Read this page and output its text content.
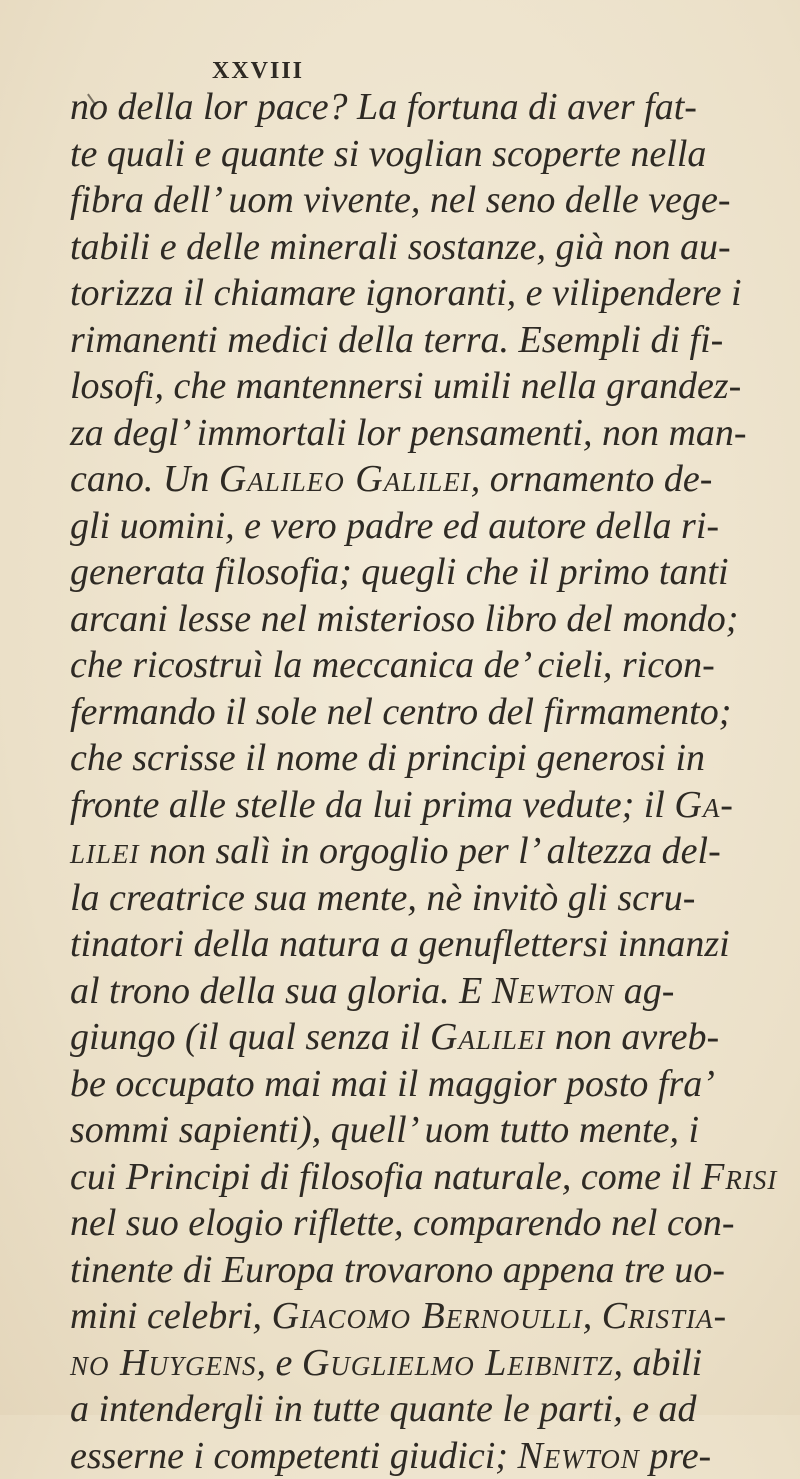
XXVIII
no della lor pace? La fortuna di aver fat-
te quali e quante si voglian scoperte nella
fibra dell’ uom vivente, nel seno delle vege-
tabili e delle minerali sostanze, già non au-
torizza il chiamare ignoranti, e vilipendere i
rimanenti medici della terra. Esempli di fi-
losofi, che mantennersi umili nella grandez-
za degl’ immortali lor pensamenti, non man-
cano. Un Galileo Galilei, ornamento de-
gli uomini, e vero padre ed autore della ri-
generata filosofia; quegli che il primo tanti
arcani lesse nel misterioso libro del mondo;
che ricostruì la meccanica de’ cieli, ricon-
fermando il sole nel centro del firmamento;
che scrisse il nome di principi generosi in
fronte alle stelle da lui prima vedute; il Ga-
lilei non salì in orgoglio per l’ altezza del-
la creatrice sua mente, nè invitò gli scru-
tinatori della natura a genuflettersi innanzi
al trono della sua gloria. E Newton ag-
giungo (il qual senza il Galilei non avreb-
be occupato mai mai il maggior posto fra’
sommi sapienti), quell’ uom tutto mente, i
cui Principi di filosofia naturale, come il Frisi
nel suo elogio riflette, comparendo nel con-
tinente di Europa trovarono appena tre uo-
mini celebri, Giacomo Bernoulli, Cristia-
no Huygens, e Guglielmo Leibnitz, abili
a intendergli in tutte quante le parti, e ad
esserne i competenti giudici; Newton pre-
